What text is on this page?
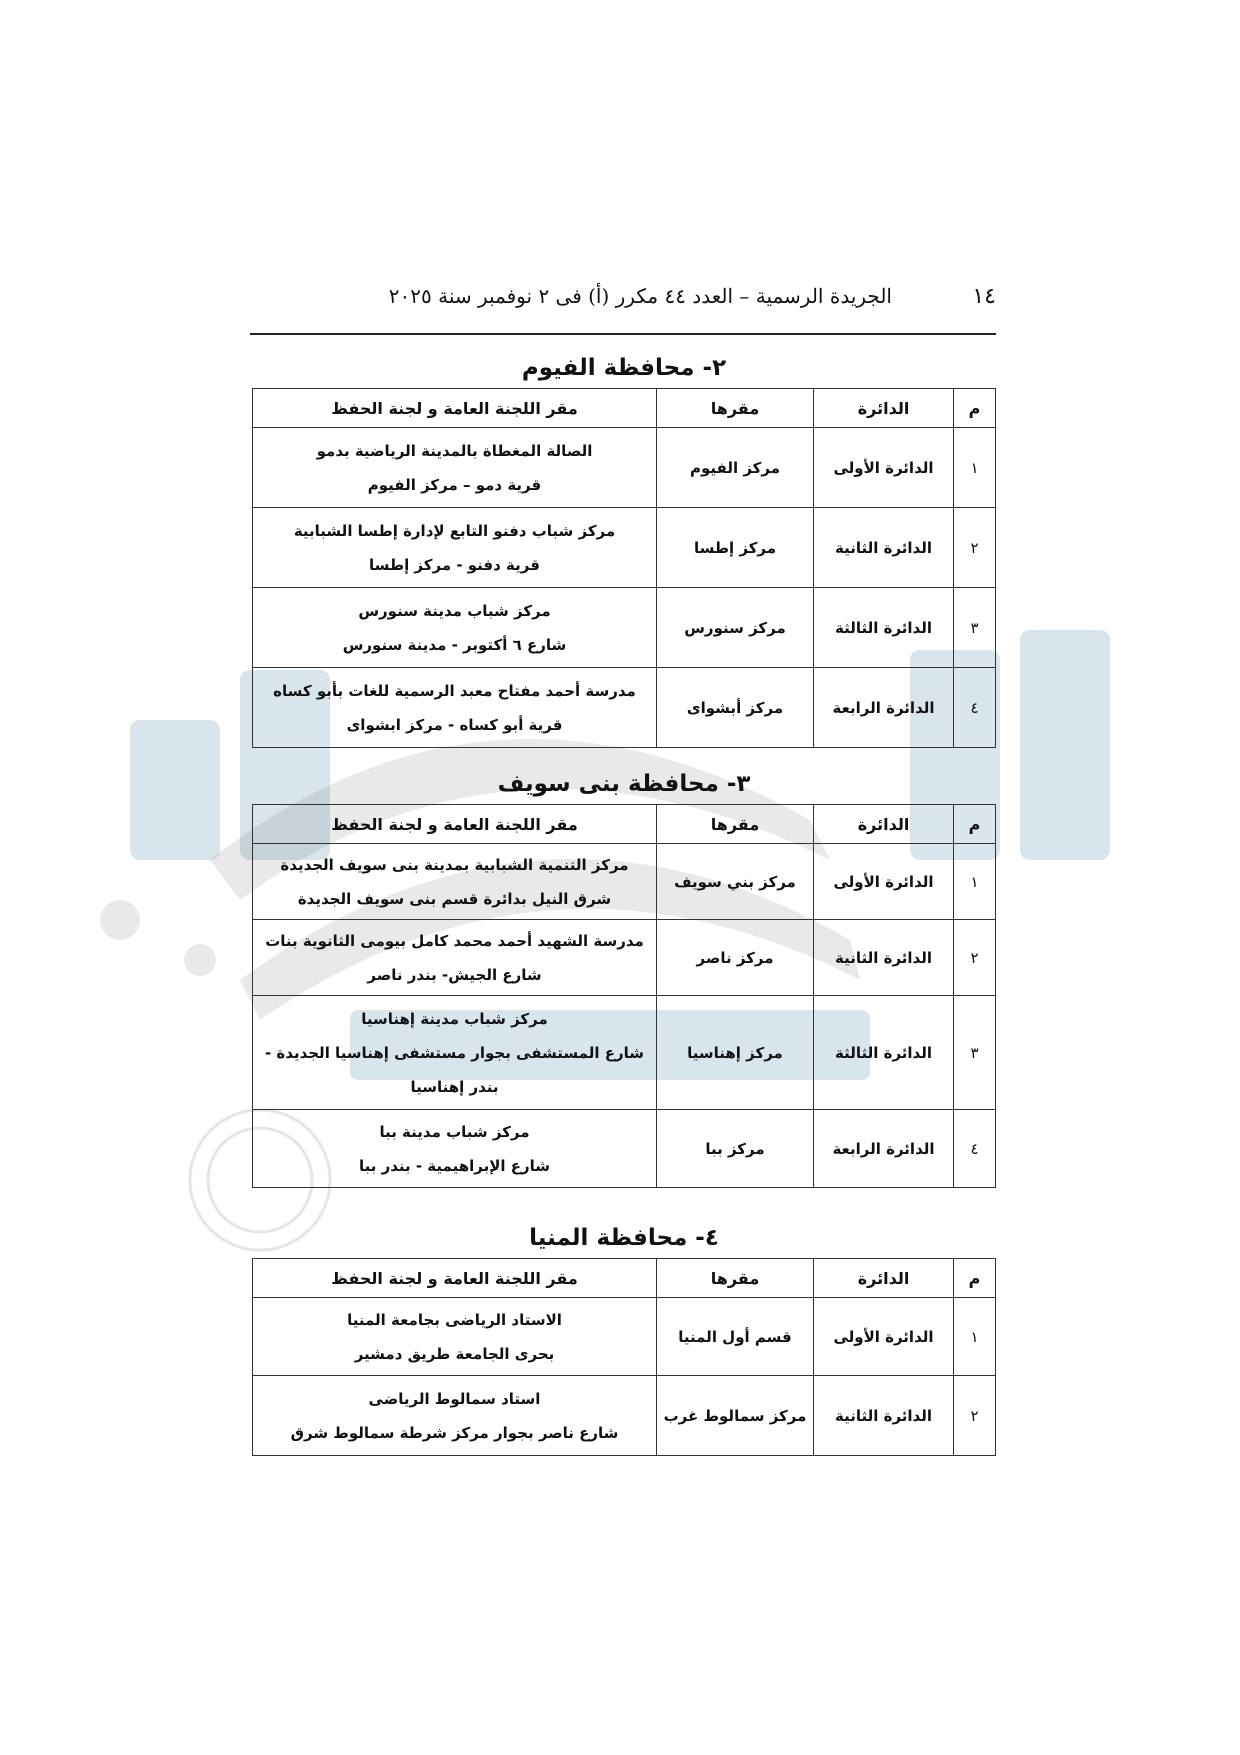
١٤
الجريدة الرسمية – العدد ٤٤ مكرر (أ) فى ٢ نوفمبر سنة ٢٠٢٥
٢- محافظة الفيوم
م	الدائرة	مقرها	مقر اللجنة العامة و لجنة الحفظ
١	الدائرة الأولى	مركز الفيوم	الصالة المغطاة بالمدينة الرياضية بدمو
قرية دمو – مركز الفيوم

٢	الدائرة الثانية	مركز إطسا	مركز شباب دفنو التابع لإدارة إطسا الشبابية
قرية دفنو - مركز إطسا

٣	الدائرة الثالثة	مركز سنورس	مركز شباب مدينة سنورس
شارع ٦ أكتوبر - مدينة سنورس

٤	الدائرة الرابعة	مركز أبشواى	مدرسة أحمد مفتاح معبد الرسمية للغات بأبو كساه
قرية أبو كساه - مركز ابشواى
٣- محافظة بنى سويف
م	الدائرة	مقرها	مقر اللجنة العامة و لجنة الحفظ
١	الدائرة الأولى	مركز بني سويف	مركز التنمية الشبابية بمدينة بنى سويف الجديدة
شرق النيل بدائرة قسم بنى سويف الجديدة

٢	الدائرة الثانية	مركز ناصر	مدرسة الشهيد أحمد محمد كامل بيومى الثانوية بنات
شارع الجيش- بندر ناصر

٣	الدائرة الثالثة	مركز إهناسيا	مركز شباب مدينة إهناسيا
شارع المستشفى بجوار مستشفى إهناسيا الجديدة -
بندر إهناسيا

٤	الدائرة الرابعة	مركز ببا	مركز شباب مدينة ببا
شارع الإبراهيمية - بندر ببا
٤- محافظة المنيا
م	الدائرة	مقرها	مقر اللجنة العامة و لجنة الحفظ
١	الدائرة الأولى	قسم أول المنيا	الاستاد الرياضى بجامعة المنيا
بحرى الجامعة طريق دمشير

٢	الدائرة الثانية	مركز سمالوط غرب	استاد سمالوط الرياضى
شارع ناصر بجوار مركز شرطة سمالوط شرق
